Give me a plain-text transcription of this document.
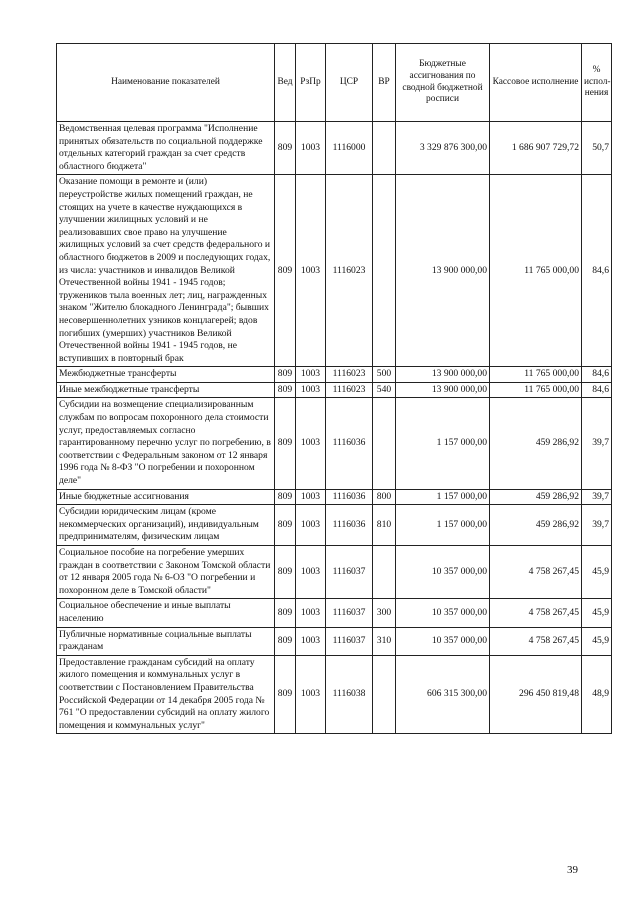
Наименование показателей	Вед	РзПр	ЦСР	ВР	Бюджетные ассигнования по сводной бюджетной росписи	Кассовое исполнение	% испол-нения
Ведомственная целевая программа "Исполнение принятых обязательств по социальной поддержке отдельных категорий граждан за счет средств областного бюджета"	809	1003	1116000		3 329 876 300,00	1 686 907 729,72	50,7
Оказание помощи в ремонте и (или) переустройстве жилых помещений граждан, не стоящих на учете в качестве нуждающихся в улучшении жилищных условий и не реализовавших свое право на улучшение жилищных условий за счет средств федерального и областного бюджетов в 2009 и последующих годах, из числа: участников и инвалидов Великой Отечественной войны 1941 - 1945 годов; тружеников тыла военных лет; лиц, награжденных знаком "Жителю блокадного Ленинграда"; бывших несовершеннолетних узников концлагерей; вдов погибших (умерших) участников Великой Отечественной войны 1941 - 1945 годов, не вступивших в повторный брак	809	1003	1116023		13 900 000,00	11 765 000,00	84,6
Межбюджетные трансферты	809	1003	1116023	500	13 900 000,00	11 765 000,00	84,6
Иные межбюджетные трансферты	809	1003	1116023	540	13 900 000,00	11 765 000,00	84,6
Субсидии на возмещение специализированным службам по вопросам похоронного дела стоимости услуг, предоставляемых согласно гарантированному перечню услуг по погребению, в соответствии с Федеральным законом от 12 января 1996 года № 8-ФЗ "О погребении и похоронном деле"	809	1003	1116036		1 157 000,00	459 286,92	39,7
Иные бюджетные ассигнования	809	1003	1116036	800	1 157 000,00	459 286,92	39,7
Субсидии юридическим лицам (кроме некоммерческих организаций), индивидуальным предпринимателям, физическим лицам	809	1003	1116036	810	1 157 000,00	459 286,92	39,7
Социальное пособие на погребение умерших граждан в соответствии с Законом Томской области от 12 января 2005 года № 6-ОЗ "О погребении и похоронном деле в Томской области"	809	1003	1116037		10 357 000,00	4 758 267,45	45,9
Социальное обеспечение и иные выплаты населению	809	1003	1116037	300	10 357 000,00	4 758 267,45	45,9
Публичные нормативные социальные выплаты гражданам	809	1003	1116037	310	10 357 000,00	4 758 267,45	45,9
Предоставление гражданам субсидий на оплату жилого помещения и коммунальных услуг в соответствии с Постановлением Правительства Российской Федерации от 14 декабря 2005 года № 761 "О предоставлении субсидий на оплату жилого помещения и коммунальных услуг"	809	1003	1116038		606 315 300,00	296 450 819,48	48,9
39
